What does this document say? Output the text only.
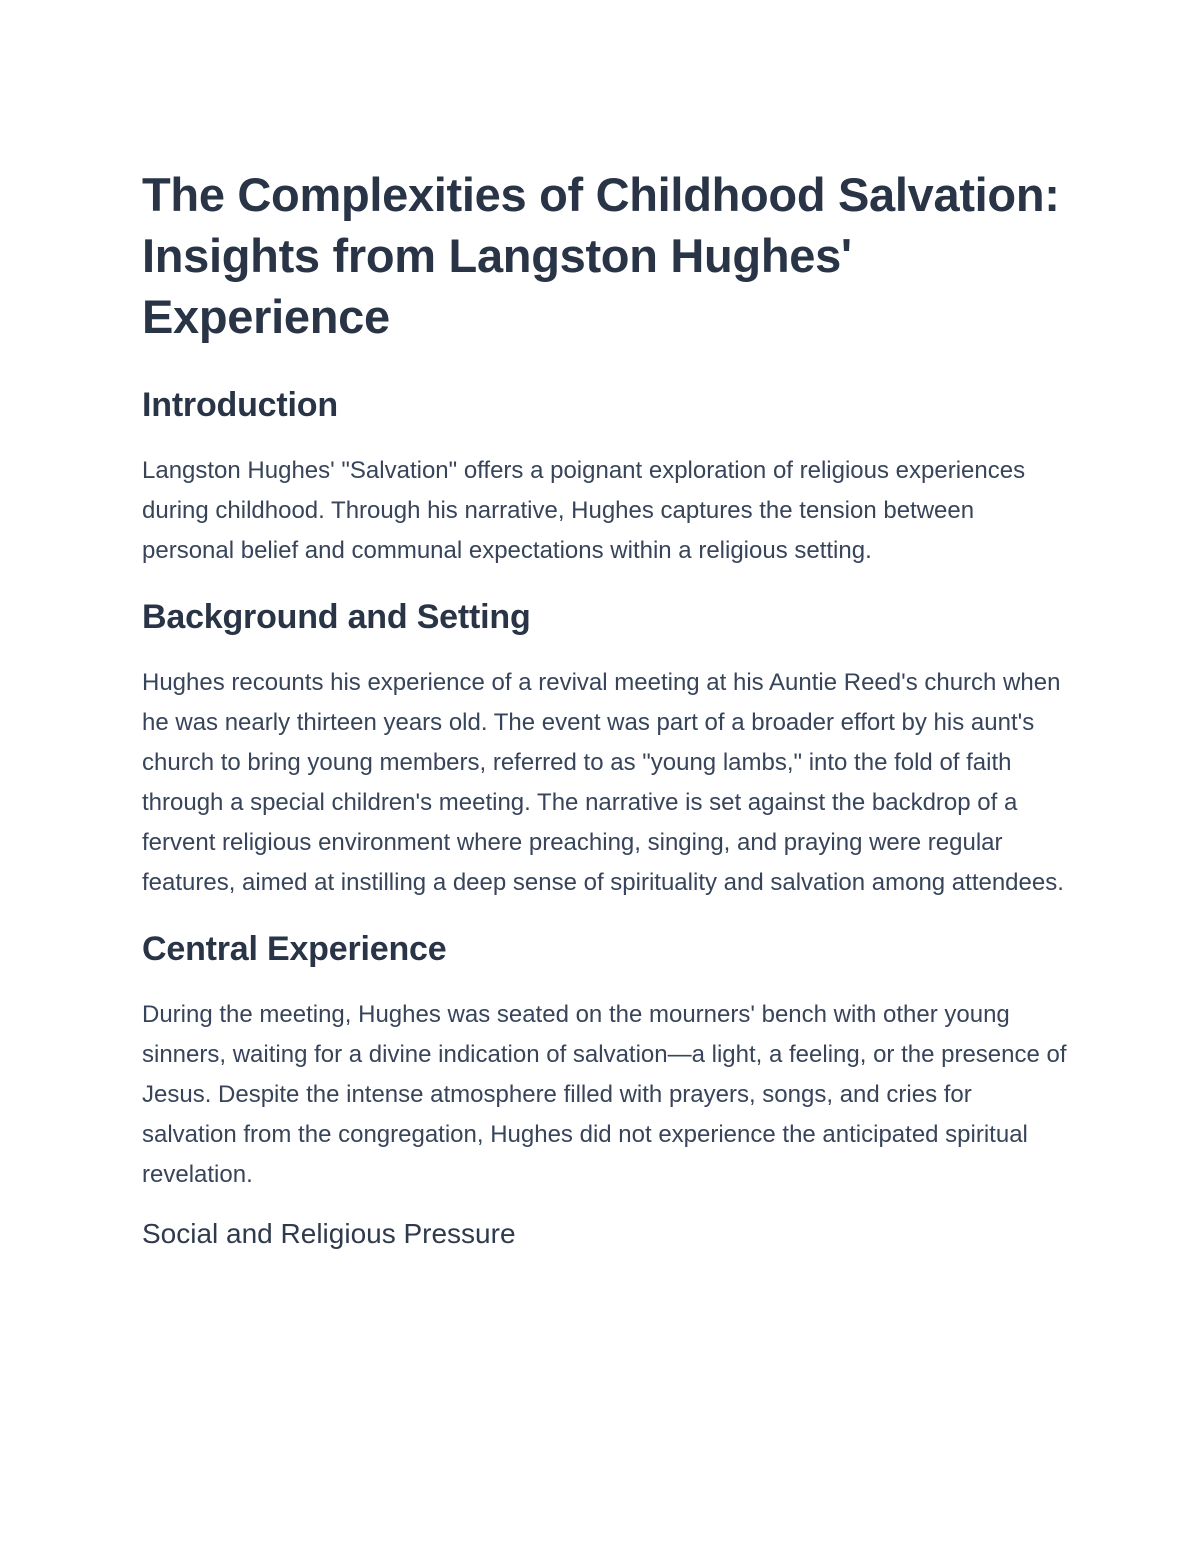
The Complexities of Childhood Salvation: Insights from Langston Hughes' Experience
Introduction

Langston Hughes' "Salvation" offers a poignant exploration of religious experiences during childhood. Through his narrative, Hughes captures the tension between personal belief and communal expectations within a religious setting.

Background and Setting

Hughes recounts his experience of a revival meeting at his Auntie Reed's church when he was nearly thirteen years old. The event was part of a broader effort by his aunt's church to bring young members, referred to as "young lambs," into the fold of faith through a special children's meeting. The narrative is set against the backdrop of a fervent religious environment where preaching, singing, and praying were regular features, aimed at instilling a deep sense of spirituality and salvation among attendees.

Central Experience

During the meeting, Hughes was seated on the mourners' bench with other young sinners, waiting for a divine indication of salvation—a light, a feeling, or the presence of Jesus. Despite the intense atmosphere filled with prayers, songs, and cries for salvation from the congregation, Hughes did not experience the anticipated spiritual revelation.

Social and Religious Pressure
